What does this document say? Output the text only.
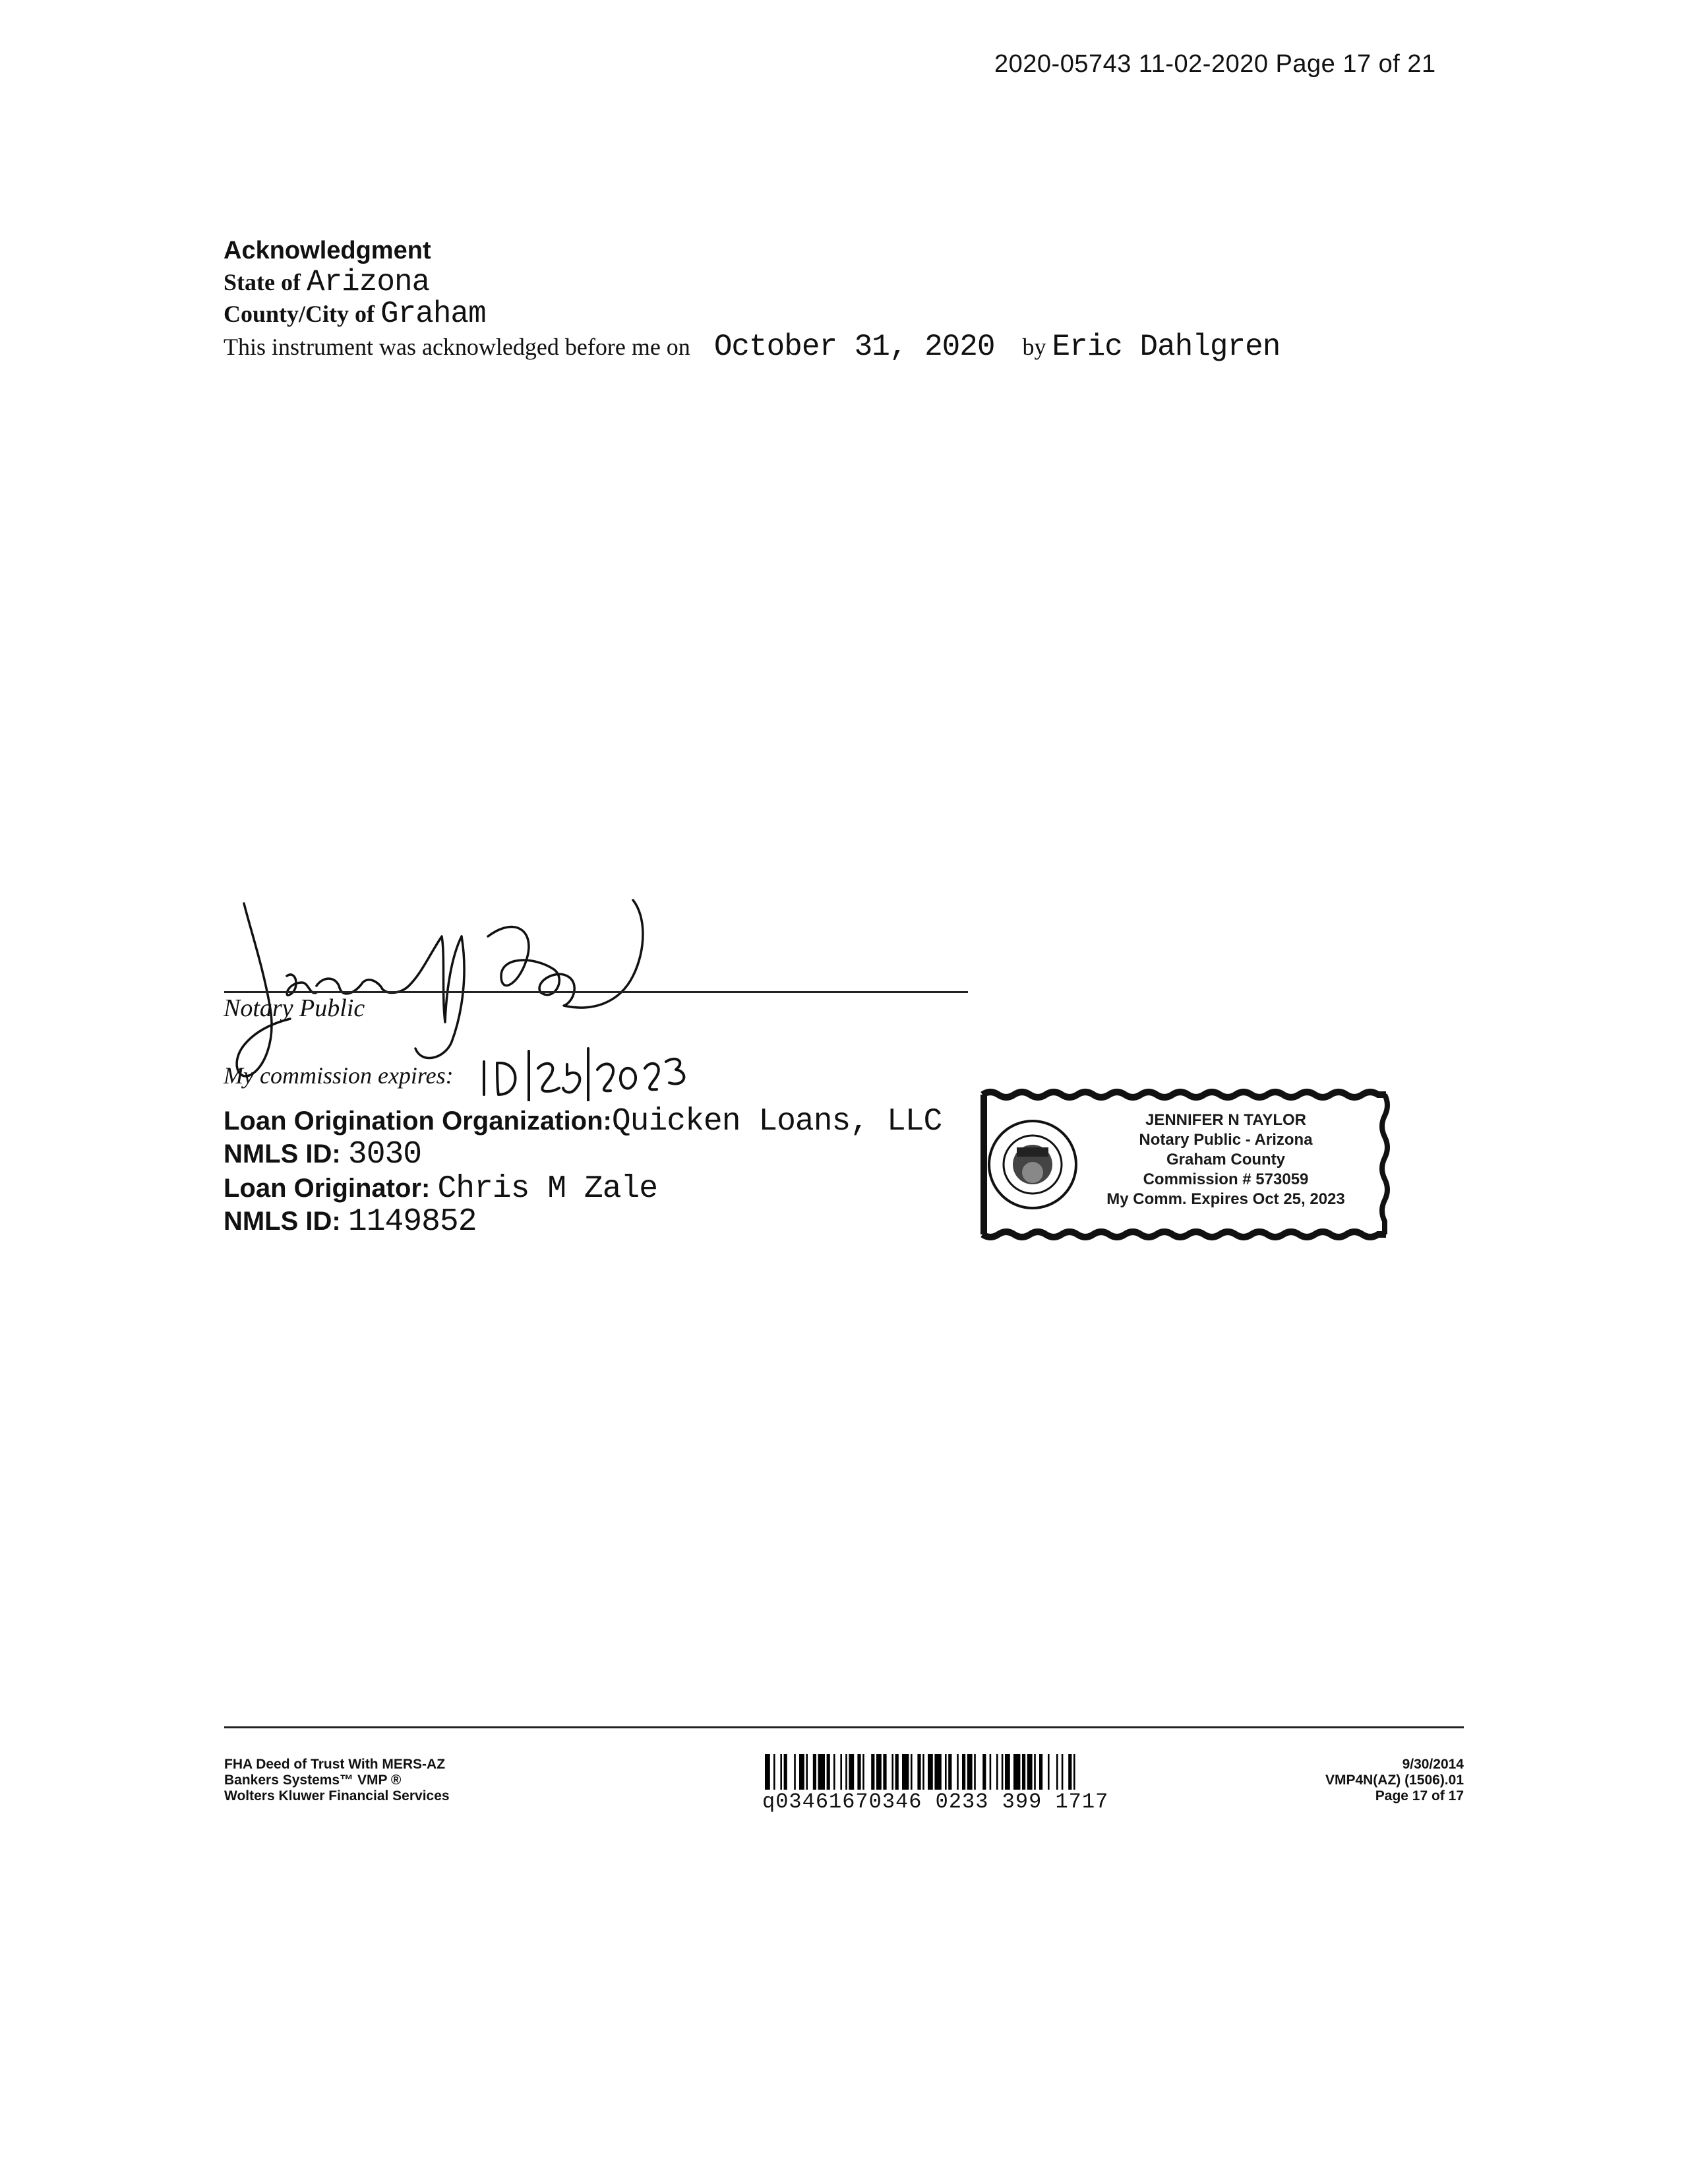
2020-05743 11-02-2020 Page 17 of 21
Acknowledgment
State of Arizona
County/City of Graham
This instrument was acknowledged before me on October 31, 2020 by Eric Dahlgren
Notary Public
My commission expires:
Loan Origination Organization:Quicken Loans, LLC
NMLS ID: 3030
Loan Originator: Chris M Zale
NMLS ID: 1149852
JENNIFER N TAYLOR
Notary Public - Arizona
Graham County
Commission # 573059
My Comm. Expires Oct 25, 2023
FHA Deed of Trust With MERS-AZ
Bankers Systems™ VMP ®
Wolters Kluwer Financial Services	q03461670346 0233 399 1717
9/30/2014
VMP4N(AZ) (1506).01
Page 17 of 17
